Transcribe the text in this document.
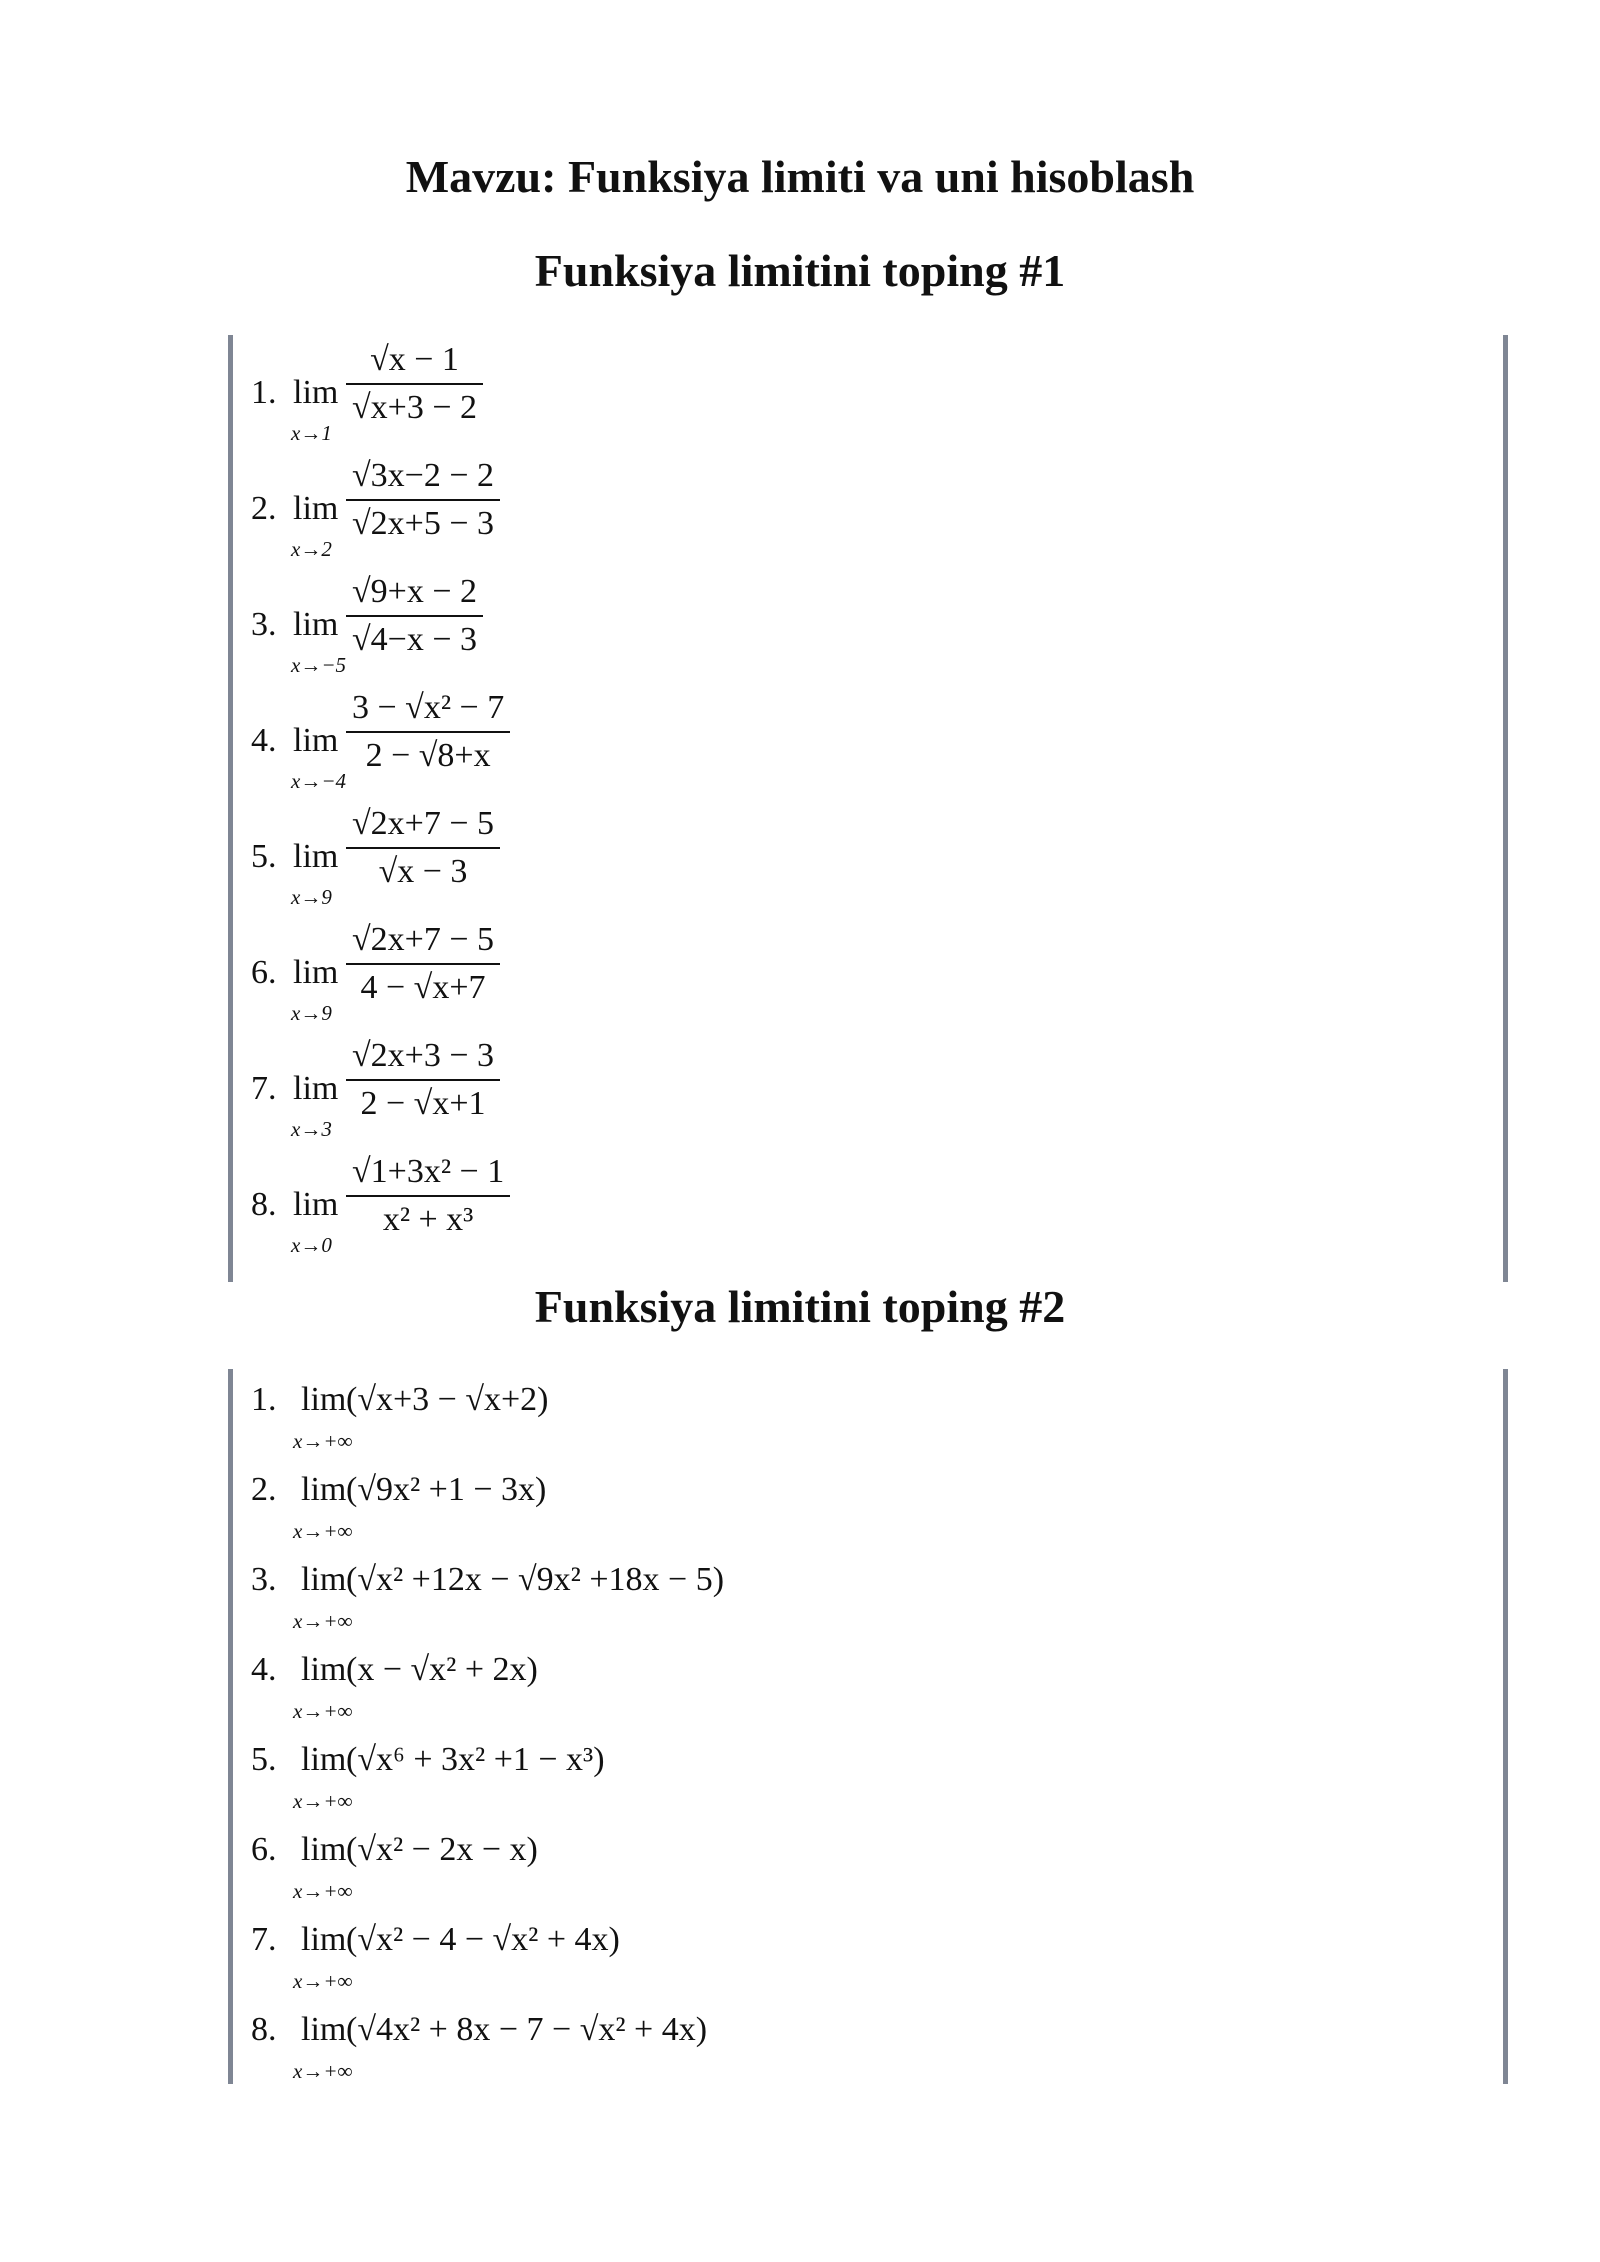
Mavzu: Funksiya limiti va uni hisoblash
Funksiya limitini toping #1
1. lim
x→1
√x − 1
√x+3 − 2
2. lim
x→2
√3x−2 − 2
√2x+5 − 3
3. lim
x→−5
√9+x − 2
√4−x − 3
4. lim
x→−4
3 − √x² − 7
2 − √8+x
5. lim
x→9
√2x+7 − 5
√x − 3
6. lim
x→9
√2x+7 − 5
4 − √x+7
7. lim
x→3
√2x+3 − 3
2 − √x+1
8. lim
x→0
√1+3x² − 1
x² + x³
Funksiya limitini toping #2
1. lim
x→+∞
(√x+3 − √x+2)
2. lim
x→+∞
(√9x² +1 − 3x)
3. lim
x→+∞
(√x² +12x − √9x² +18x − 5)
4. lim
x→+∞
(x − √x² + 2x)
5. lim
x→+∞
(√x⁶ + 3x² +1 − x³)
6. lim
x→+∞
(√x² − 2x − x)
7. lim
x→+∞
(√x² − 4 − √x² + 4x)
8. lim
x→+∞
(√4x² + 8x − 7 − √x² + 4x)
